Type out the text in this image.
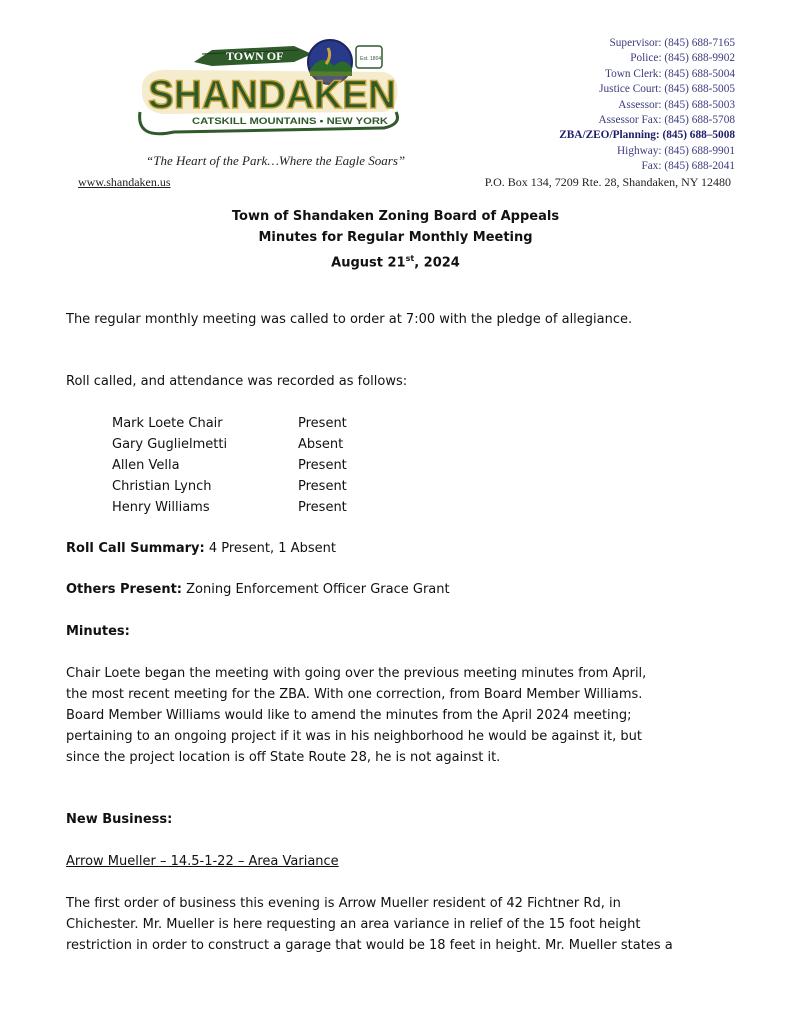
TOWN OF
SHANDAKEN
CATSKILL MOUNTAINS • NEW YORK
Est. 1804
Supervisor: (845) 688-7165
Police: (845) 688-9902
Town Clerk: (845) 688-5004
Justice Court: (845) 688-5005
Assessor: (845) 688-5003
Assessor Fax: (845) 688-5708
ZBA/ZEO/Planning: (845) 688–5008
Highway: (845) 688-9901
Fax: (845) 688-2041
“The Heart of the Park…Where the Eagle Soars”
www.shandaken.us	P.O. Box 134, 7209 Rte. 28, Shandaken, NY 12480
Town of Shandaken Zoning Board of Appeals
Minutes for Regular Monthly Meeting
August 21st, 2024
The regular monthly meeting was called to order at 7:00 with the pledge of allegiance.
Roll called, and attendance was recorded as follows:
Mark Loete Chair	Present
Gary Guglielmetti	Absent
Allen Vella	Present
Christian Lynch	Present
Henry Williams	Present
Roll Call Summary: 4 Present, 1 Absent
Others Present: Zoning Enforcement Officer Grace Grant
Minutes:
Chair Loete began the meeting with going over the previous meeting minutes from April,
the most recent meeting for the ZBA. With one correction, from Board Member Williams.
Board Member Williams would like to amend the minutes from the April 2024 meeting;
pertaining to an ongoing project if it was in his neighborhood he would be against it, but
since the project location is off State Route 28, he is not against it.
New Business:
Arrow Mueller – 14.5-1-22 – Area Variance
The first order of business this evening is Arrow Mueller resident of 42 Fichtner Rd, in
Chichester. Mr. Mueller is here requesting an area variance in relief of the 15 foot height
restriction in order to construct a garage that would be 18 feet in height. Mr. Mueller states a
